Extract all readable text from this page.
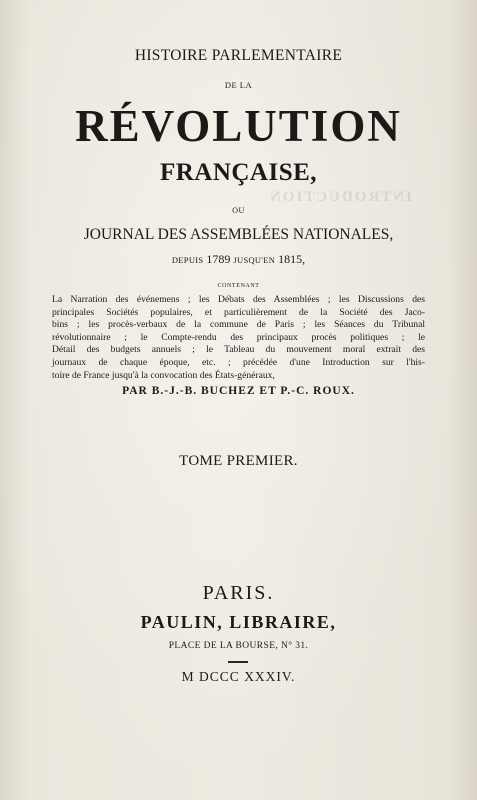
INTRODUCTION
HISTOIRE PARLEMENTAIRE
DE LA
RÉVOLUTION
FRANÇAISE,
OU
JOURNAL DES ASSEMBLÉES NATIONALES,
DEPUIS 1789 JUSQU'EN 1815,
CONTENANT
La Narration des événemens ; les Débats des Assemblées ; les Discussions des
principales Sociétés populaires, et particulièrement de la Société des Jaco-
bins ; les procès-verbaux de la commune de Paris ; les Séances du Tribunal
révolutionnaire ; le Compte-rendu des principaux procès politiques ; le
Détail des budgets annuels ; le Tableau du mouvement moral extrait des
journaux de chaque époque, etc. ; précédée d'une Introduction sur l'his-
toire de France jusqu'à la convocation des États-généraux,
PAR B.-J.-B. BUCHEZ ET P.-C. ROUX.
TOME PREMIER.
PARIS.
PAULIN, LIBRAIRE,
PLACE DE LA BOURSE, N° 31.
M DCCC XXXIV.
